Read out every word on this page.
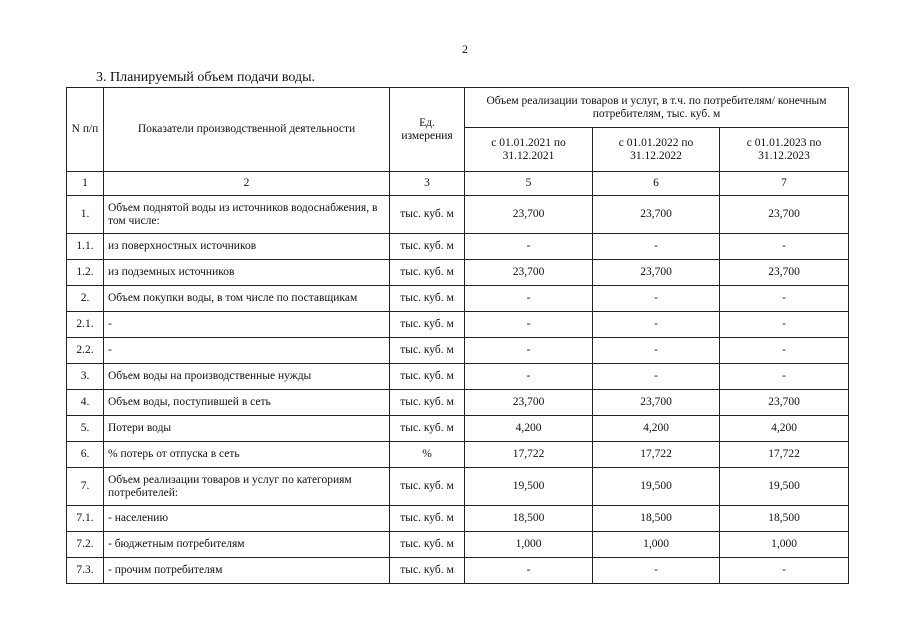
2
3. Планируемый объем подачи воды.
N п/п	Показатели производственной деятельности	Ед. измерения	Объем реализации товаров и услуг, в т.ч. по потребителям/ конечным потребителям, тыс. куб. м		
			с 01.01.2021 по 31.12.2021	с 01.01.2022 по 31.12.2022	с 01.01.2023 по 31.12.2023
1	2	3	5	6	7
1.	Объем поднятой воды из источников водоснабжения, в том числе:	тыс. куб. м	23,700	23,700	23,700
1.1.	из поверхностных источников	тыс. куб. м	-	-	-
1.2.	из подземных источников	тыс. куб. м	23,700	23,700	23,700
2.	Объем покупки воды, в том числе по поставщикам	тыс. куб. м	-	-	-
2.1.	-	тыс. куб. м	-	-	-
2.2.	-	тыс. куб. м	-	-	-
3.	Объем воды на производственные нужды	тыс. куб. м	-	-	-
4.	Объем воды, поступившей в сеть	тыс. куб. м	23,700	23,700	23,700
5.	Потери воды	тыс. куб. м	4,200	4,200	4,200
6.	% потерь от отпуска в сеть	%	17,722	17,722	17,722
7.	Объем реализации товаров и услуг по категориям потребителей:	тыс. куб. м	19,500	19,500	19,500
7.1.	- населению	тыс. куб. м	18,500	18,500	18,500
7.2.	- бюджетным потребителям	тыс. куб. м	1,000	1,000	1,000
7.3.	- прочим потребителям	тыс. куб. м	-	-	-
